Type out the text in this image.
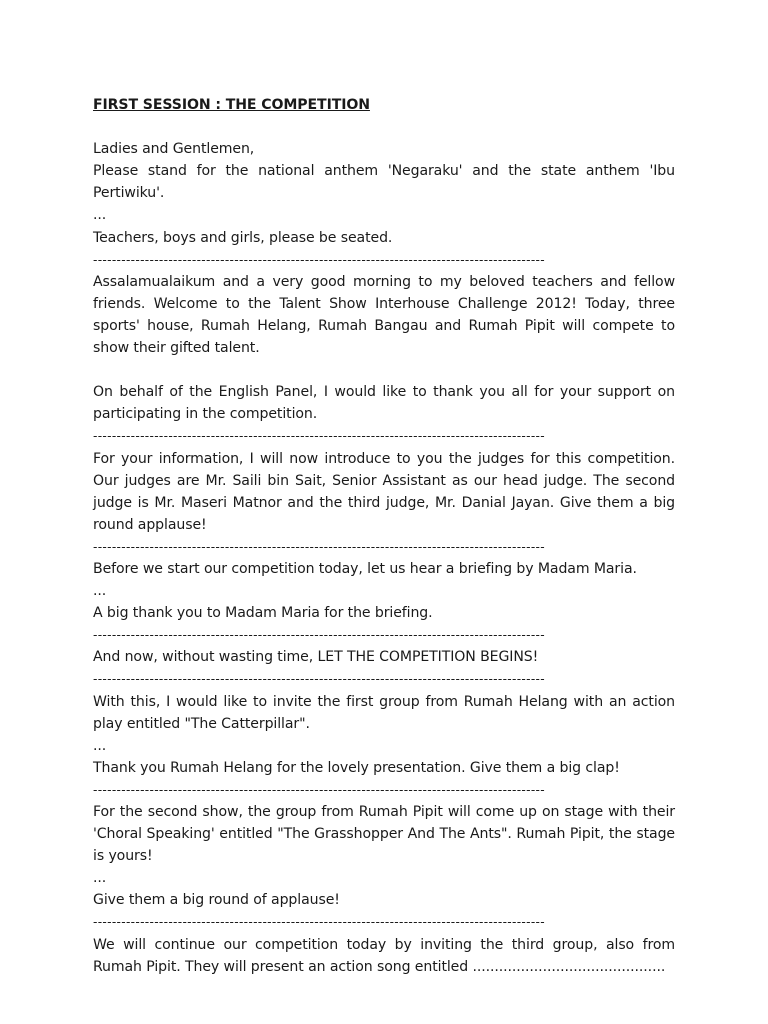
FIRST SESSION : THE COMPETITION

Ladies and Gentlemen,

Please stand for the national anthem 'Negaraku' and the state anthem 'Ibu Pertiwiku'.

...

Teachers, boys and girls, please be seated.

------------------------------------------------------------------------------------------------

Assalamualaikum and a very good morning to my beloved teachers and fellow friends. Welcome to the Talent Show Interhouse Challenge 2012! Today, three sports' house, Rumah Helang, Rumah Bangau and Rumah Pipit will compete to show their gifted talent.

On behalf of the English Panel, I would like to thank you all for your support on participating in the competition.

------------------------------------------------------------------------------------------------

For your information, I will now introduce to you the judges for this competition. Our judges are Mr. Saili bin Sait, Senior Assistant as our head judge. The second judge is Mr. Maseri Matnor and the third judge, Mr. Danial Jayan. Give them a big round applause!

------------------------------------------------------------------------------------------------

Before we start our competition today, let us hear a briefing by Madam Maria.

...

A big thank you to Madam Maria for the briefing.

------------------------------------------------------------------------------------------------

And now, without wasting time, LET THE COMPETITION BEGINS!

------------------------------------------------------------------------------------------------

With this, I would like to invite the first group from Rumah Helang with an action play entitled "The Catterpillar".

...

Thank you Rumah Helang for the lovely presentation. Give them a big clap!

------------------------------------------------------------------------------------------------

For the second show, the group from Rumah Pipit will come up on stage with their 'Choral Speaking' entitled "The Grasshopper And The Ants". Rumah Pipit, the stage is yours!

...

Give them a big round of applause!

------------------------------------------------------------------------------------------------

We will continue our competition today by inviting the third group, also from Rumah Pipit. They will present an action song entitled ............................................
